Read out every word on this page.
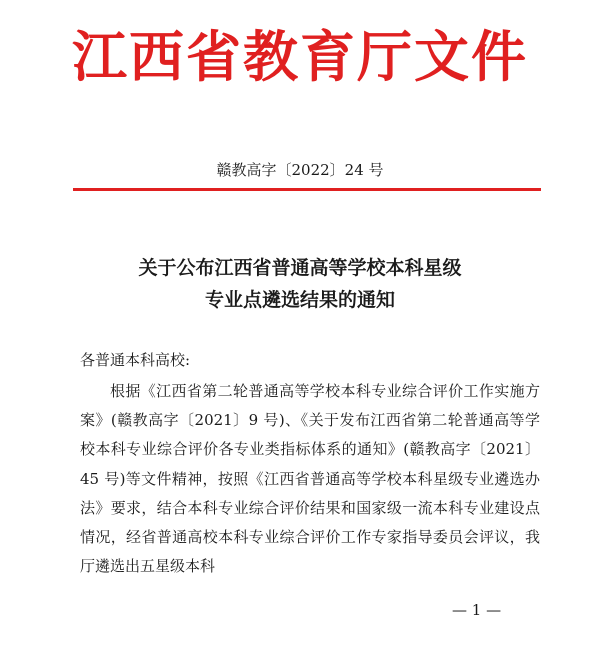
江西省教育厅文件
赣教高字〔2022〕24 号
关于公布江西省普通高等学校本科星级
专业点遴选结果的通知
各普通本科高校:

根据《江西省第二轮普通高等学校本科专业综合评价工作实施方案》(赣教高字〔2021〕9 号)、《关于发布江西省第二轮普通高等学校本科专业综合评价各专业类指标体系的通知》(赣教高字〔2021〕45 号)等文件精神，按照《江西省普通高等学校本科星级专业遴选办法》要求，结合本科专业综合评价结果和国家级一流本科专业建设点情况，经省普通高校本科专业综合评价工作专家指导委员会评议，我厅遴选出五星级本科

— 1 —
